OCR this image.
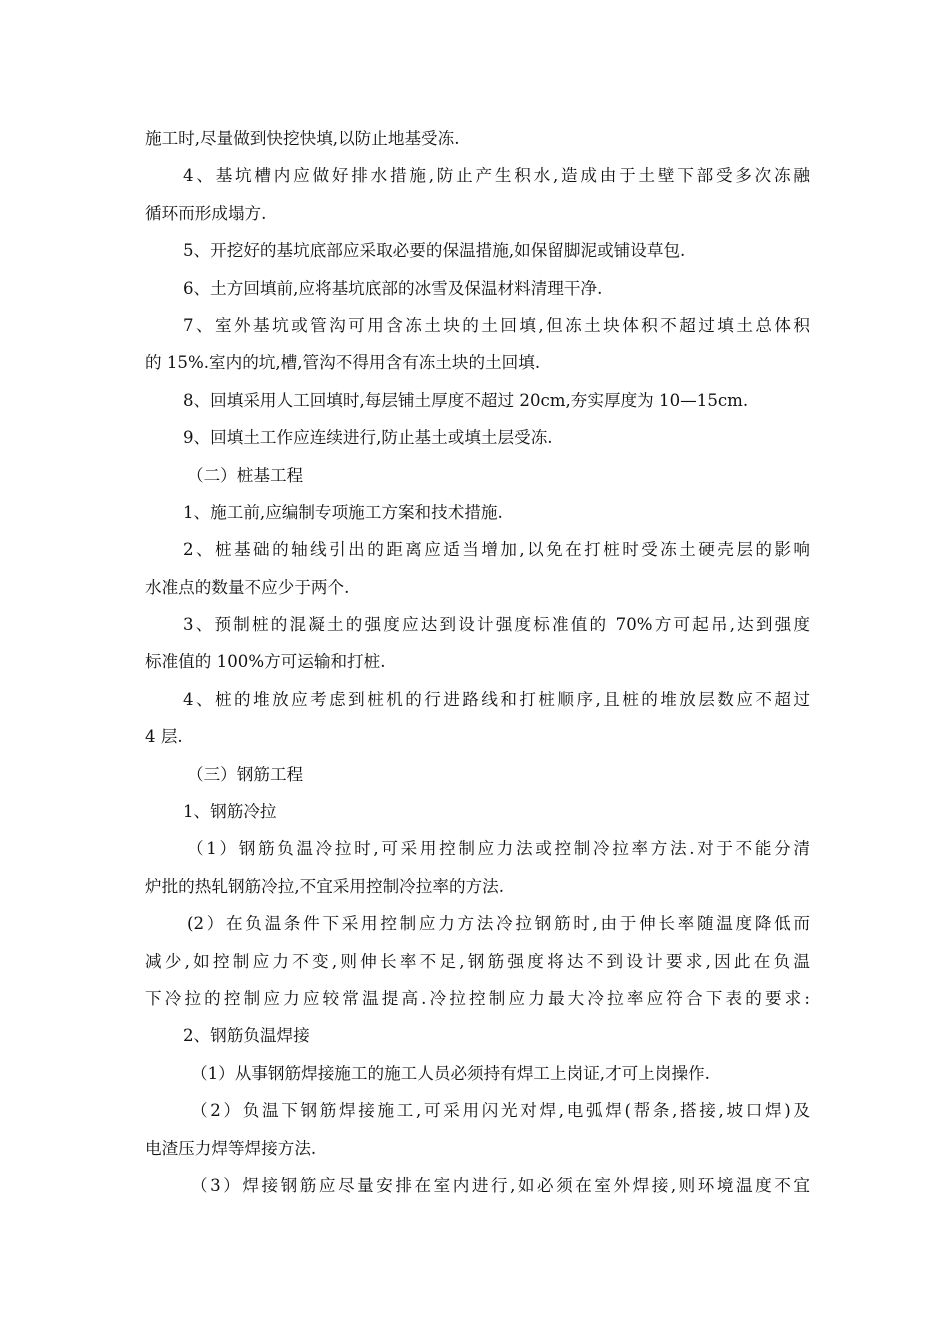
施工时,尽量做到快挖快填,以防止地基受冻.
4、基坑槽内应做好排水措施,防止产生积水,造成由于土壁下部受多次冻融
循环而形成塌方.
5、开挖好的基坑底部应采取必要的保温措施,如保留脚泥或铺设草包.
6、土方回填前,应将基坑底部的冰雪及保温材料清理干净.
7、室外基坑或管沟可用含冻土块的土回填,但冻土块体积不超过填土总体积
的 15%.室内的坑,槽,管沟不得用含有冻土块的土回填.
8、回填采用人工回填时,每层铺土厚度不超过 20cm,夯实厚度为 10—15cm.
9、回填土工作应连续进行,防止基土或填土层受冻.
（二）桩基工程
1、施工前,应编制专项施工方案和技术措施.
2、桩基础的轴线引出的距离应适当增加,以免在打桩时受冻土硬壳层的影响
水准点的数量不应少于两个.
3、预制桩的混凝土的强度应达到设计强度标准值的 70%方可起吊,达到强度
标准值的 100%方可运输和打桩.
4、桩的堆放应考虑到桩机的行进路线和打桩顺序,且桩的堆放层数应不超过
4 层.
（三）钢筋工程
1、钢筋冷拉
（1）钢筋负温冷拉时,可采用控制应力法或控制冷拉率方法.对于不能分清
炉批的热轧钢筋冷拉,不宜采用控制冷拉率的方法.
(2）在负温条件下采用控制应力方法冷拉钢筋时,由于伸长率随温度降低而
减少,如控制应力不变,则伸长率不足,钢筋强度将达不到设计要求,因此在负温
下冷拉的控制应力应较常温提高.冷拉控制应力最大冷拉率应符合下表的要求:
2、钢筋负温焊接
（1）从事钢筋焊接施工的施工人员必须持有焊工上岗证,才可上岗操作.
（2）负温下钢筋焊接施工,可采用闪光对焊,电弧焊(帮条,搭接,坡口焊)及
电渣压力焊等焊接方法.
（3）焊接钢筋应尽量安排在室内进行,如必须在室外焊接,则环境温度不宜
